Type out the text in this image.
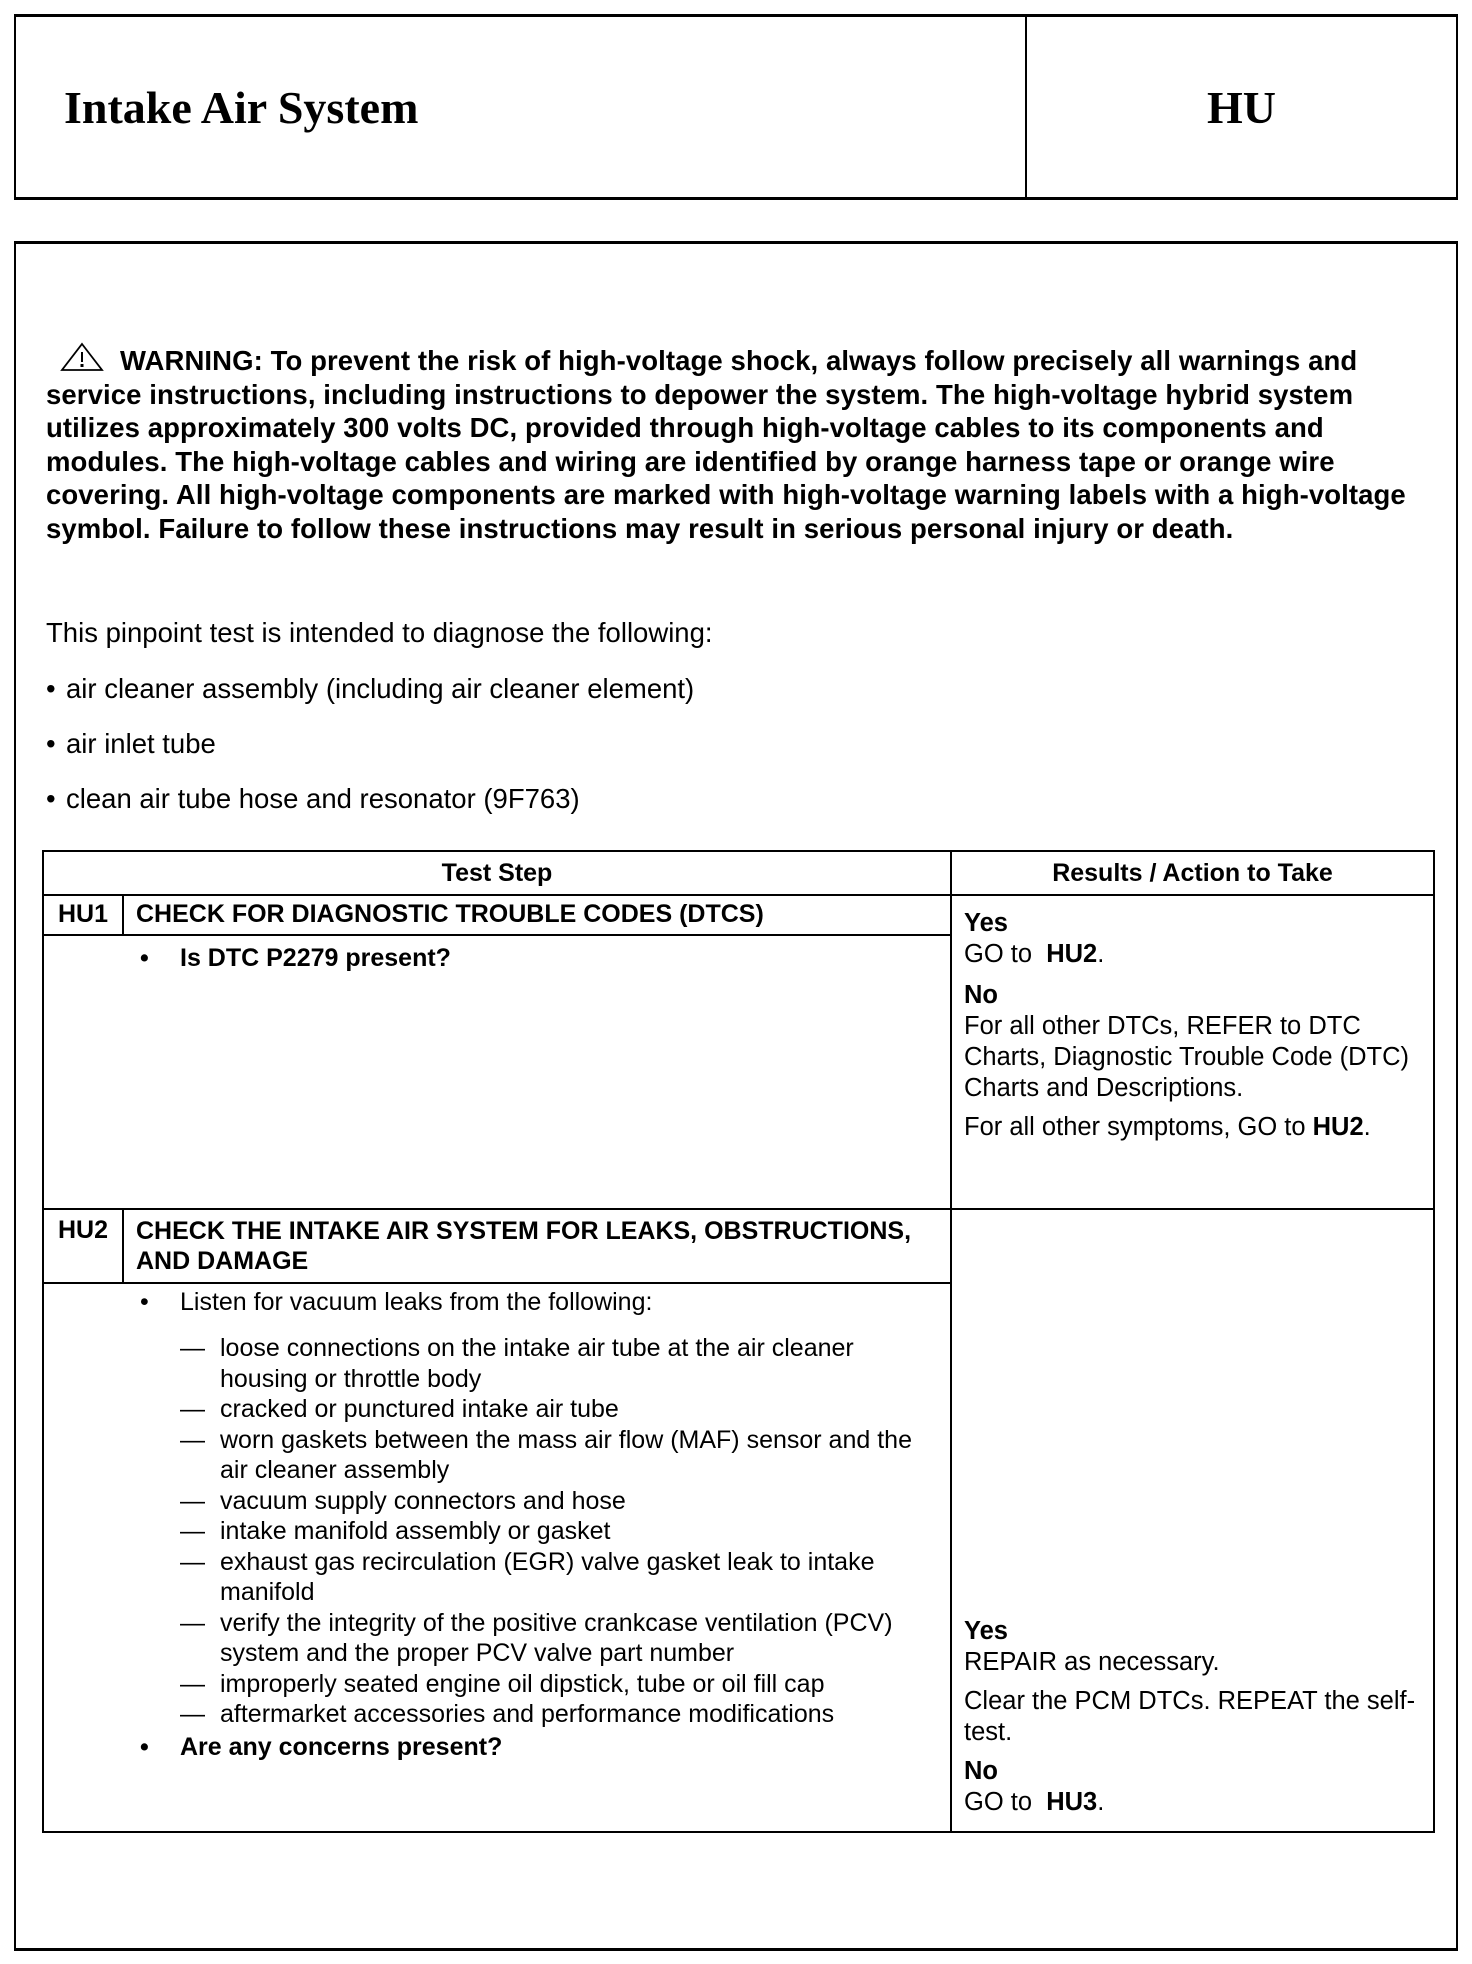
Intake Air System	HU
WARNING: To prevent the risk of high-voltage shock, always follow precisely all warnings and service instructions, including instructions to depower the system. The high-voltage hybrid system utilizes approximately 300 volts DC, provided through high-voltage cables to its components and modules. The high-voltage cables and wiring are identified by orange harness tape or orange wire covering. All high-voltage components are marked with high-voltage warning labels with a high-voltage symbol. Failure to follow these instructions may result in serious personal injury or death.
This pinpoint test is intended to diagnose the following:
• air cleaner assembly (including air cleaner element)
• air inlet tube
• clean air tube hose and resonator (9F763)
Test Step	Results / Action to Take
HU1	CHECK FOR DIAGNOSTIC TROUBLE CODES (DTCS)
• Is DTC P2279 present?
Yes

GO to HU2.

No

For all other DTCs, REFER to DTC Charts, Diagnostic Trouble Code (DTC) Charts and Descriptions.

For all other symptoms, GO to HU2.

HU2	CHECK THE INTAKE AIR SYSTEM FOR LEAKS, OBSTRUCTIONS, AND DAMAGE
• Listen for vacuum leaks from the following:
— loose connections on the intake air tube at the air cleaner housing or throttle body
— cracked or punctured intake air tube
— worn gaskets between the mass air flow (MAF) sensor and the air cleaner assembly
— vacuum supply connectors and hose
— intake manifold assembly or gasket
— exhaust gas recirculation (EGR) valve gasket leak to intake manifold
— verify the integrity of the positive crankcase ventilation (PCV) system and the proper PCV valve part number
— improperly seated engine oil dipstick, tube or oil fill cap
— aftermarket accessories and performance modifications
• Are any concerns present?
Yes

REPAIR as necessary.

Clear the PCM DTCs. REPEAT the self-test.

No

GO to HU3.
